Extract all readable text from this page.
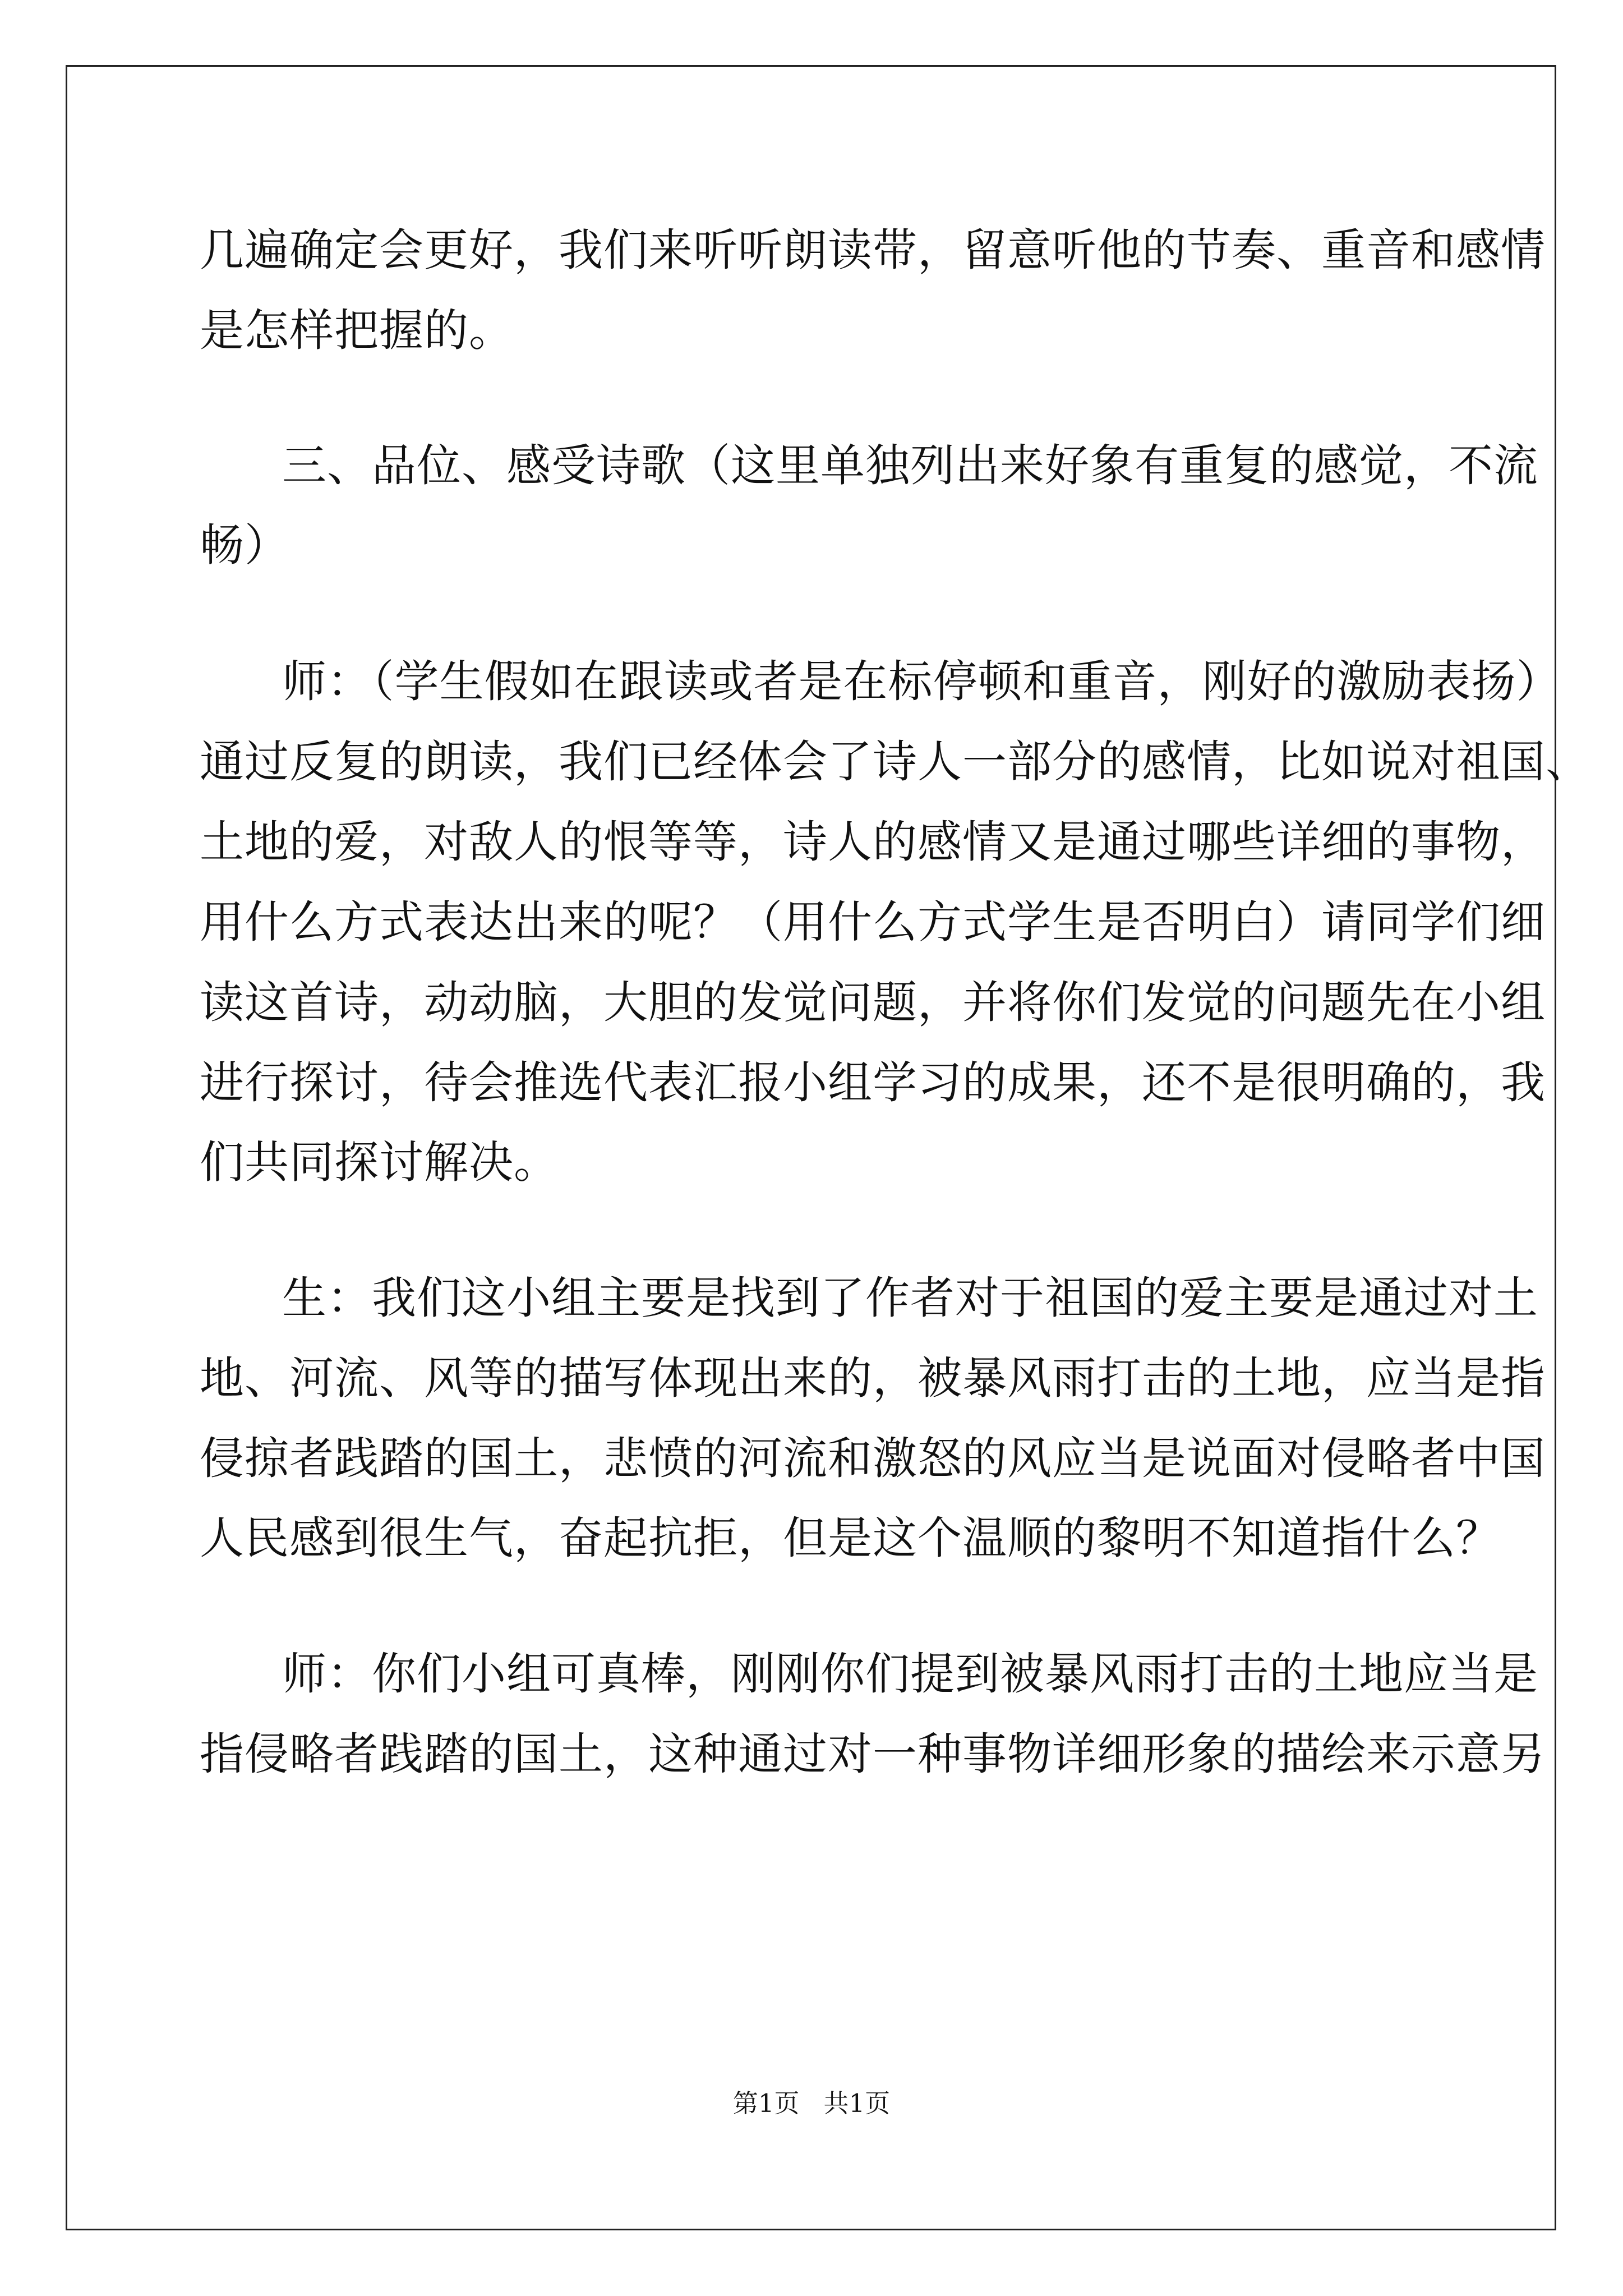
几遍确定会更好，我们来听听朗读带，留意听他的节奏、重音和感情
是怎样把握的。
三、品位、感受诗歌（这里单独列出来好象有重复的感觉，不流
畅）
师：（学生假如在跟读或者是在标停顿和重音，刚好的激励表扬）
通过反复的朗读，我们已经体会了诗人一部分的感情，比如说对祖国、
土地的爱，对敌人的恨等等，诗人的感情又是通过哪些详细的事物，
用什么方式表达出来的呢？（用什么方式学生是否明白）请同学们细
读这首诗，动动脑，大胆的发觉问题，并将你们发觉的问题先在小组
进行探讨，待会推选代表汇报小组学习的成果，还不是很明确的，我
们共同探讨解决。
生：我们这小组主要是找到了作者对于祖国的爱主要是通过对土
地、河流、风等的描写体现出来的，被暴风雨打击的土地，应当是指
侵掠者践踏的国土，悲愤的河流和激怒的风应当是说面对侵略者中国
人民感到很生气，奋起抗拒，但是这个温顺的黎明不知道指什么？
师：你们小组可真棒，刚刚你们提到被暴风雨打击的土地应当是
指侵略者践踏的国土，这种通过对一种事物详细形象的描绘来示意另
第1页   共1页
